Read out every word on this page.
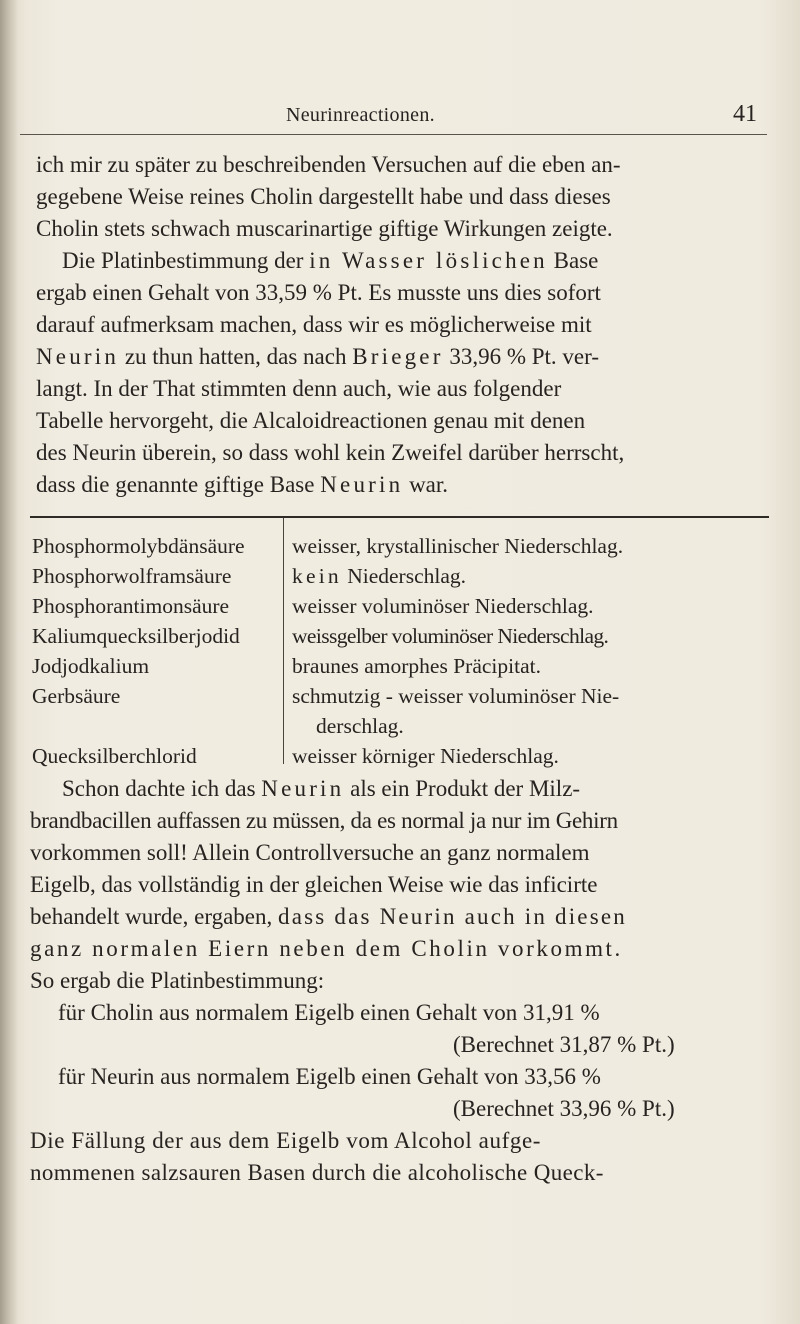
Neurinreactionen.	41
ich mir zu später zu beschreibenden Versuchen auf die eben an-
gegebene Weise reines Cholin dargestellt habe und dass dieses
Cholin stets schwach muscarinartige giftige Wirkungen zeigte.
Die Platinbestimmung der in Wasser löslichen Base
ergab einen Gehalt von 33,59 % Pt. Es musste uns dies sofort
darauf aufmerksam machen, dass wir es möglicherweise mit
Neurin zu thun hatten, das nach Brieger 33,96 % Pt. ver-
langt. In der That stimmten denn auch, wie aus folgender
Tabelle hervorgeht, die Alcaloidreactionen genau mit denen
des Neurin überein, so dass wohl kein Zweifel darüber herrscht,
dass die genannte giftige Base Neurin war.
Phosphormolybdänsäure weisser, krystallinischer Niederschlag.
Phosphorwolframsäure	kein Niederschlag.
Phosphorantimonsäure	weisser voluminöser Niederschlag.
Kaliumquecksilberjodid weissgelber voluminöser Niederschlag.
Jodjodkalium	braunes amorphes Präcipitat.
Gerbsäure	schmutzig - weisser voluminöser Nie-
derschlag.
Quecksilberchlorid	weisser körniger Niederschlag.
Schon dachte ich das Neurin als ein Produkt der Milz-
brandbacillen auffassen zu müssen, da es normal ja nur im Gehirn
vorkommen soll! Allein Controllversuche an ganz normalem
Eigelb, das vollständig in der gleichen Weise wie das inficirte
behandelt wurde, ergaben, dass das Neurin auch in diesen
ganz normalen Eiern neben dem Cholin vorkommt.
So ergab die Platinbestimmung:
für Cholin aus normalem Eigelb einen Gehalt von 31,91 %
(Berechnet 31,87 % Pt.)
für Neurin aus normalem Eigelb einen Gehalt von 33,56 %
(Berechnet 33,96 % Pt.)
Die Fällung der aus dem Eigelb vom Alcohol aufge-
nommenen salzsauren Basen durch die alcoholische Queck-
